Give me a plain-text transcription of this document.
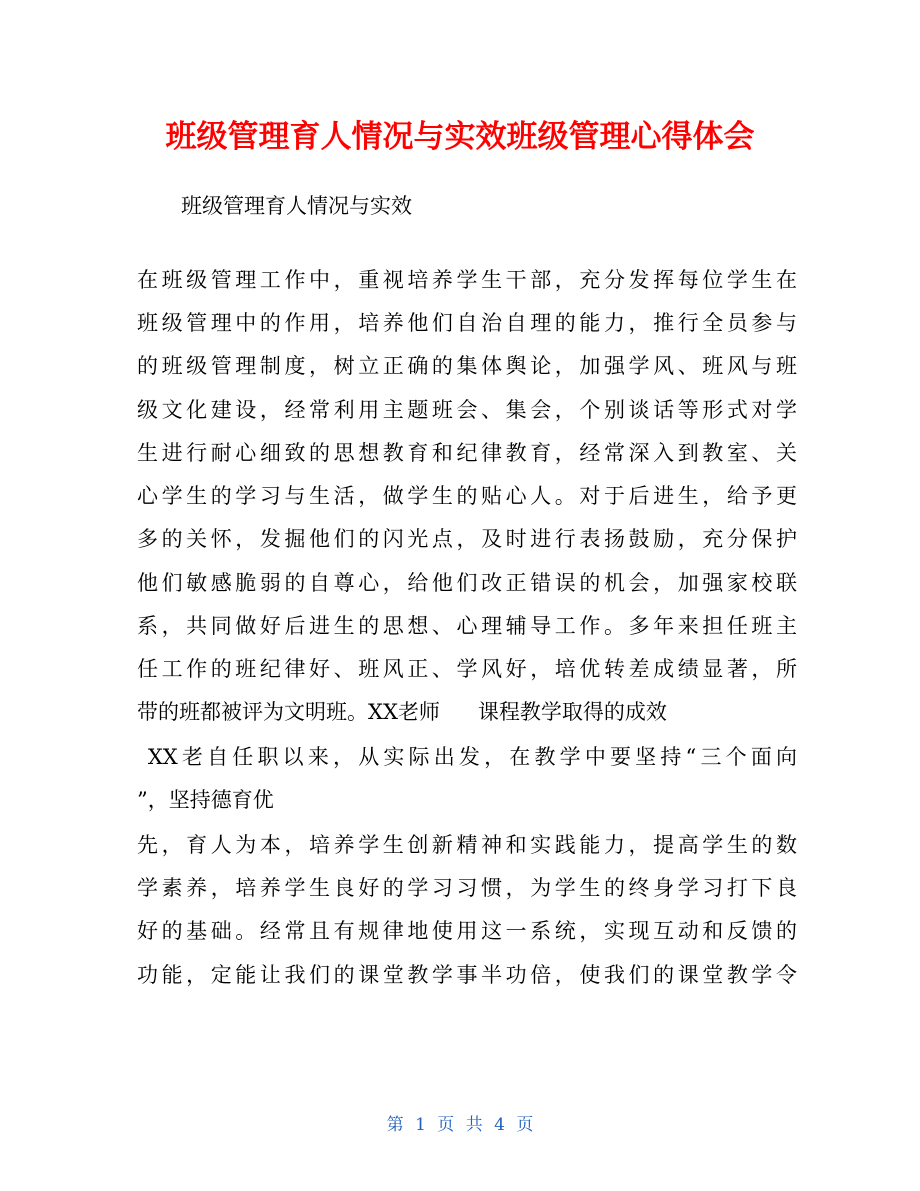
班级管理育人情况与实效班级管理心得体会

班级管理育人情况与实效

在班级管理工作中，重视培养学生干部，充分发挥每位学生在

班级管理中的作用，培养他们自治自理的能力，推行全员参与

的班级管理制度，树立正确的集体舆论，加强学风、班风与班

级文化建设，经常利用主题班会、集会，个别谈话等形式对学

生进行耐心细致的思想教育和纪律教育，经常深入到教室、关

心学生的学习与生活，做学生的贴心人。对于后进生，给予更

多的关怀，发掘他们的闪光点，及时进行表扬鼓励，充分保护

他们敏感脆弱的自尊心，给他们改正错误的机会，加强家校联

系，共同做好后进生的思想、心理辅导工作。多年来担任班主

任工作的班纪律好、班风正、学风好，培优转差成绩显著，所

带的班都被评为文明班。XX老师 课程教学取得的成效

XX老自任职以来，从实际出发，在教学中要坚持“三个面向

”，坚持德育优

先，育人为本，培养学生创新精神和实践能力，提高学生的数

学素养，培养学生良好的学习习惯，为学生的终身学习打下良

好的基础。经常且有规律地使用这一系统，实现互动和反馈的

功能，定能让我们的课堂教学事半功倍，使我们的课堂教学令

第 1 页 共 4 页
